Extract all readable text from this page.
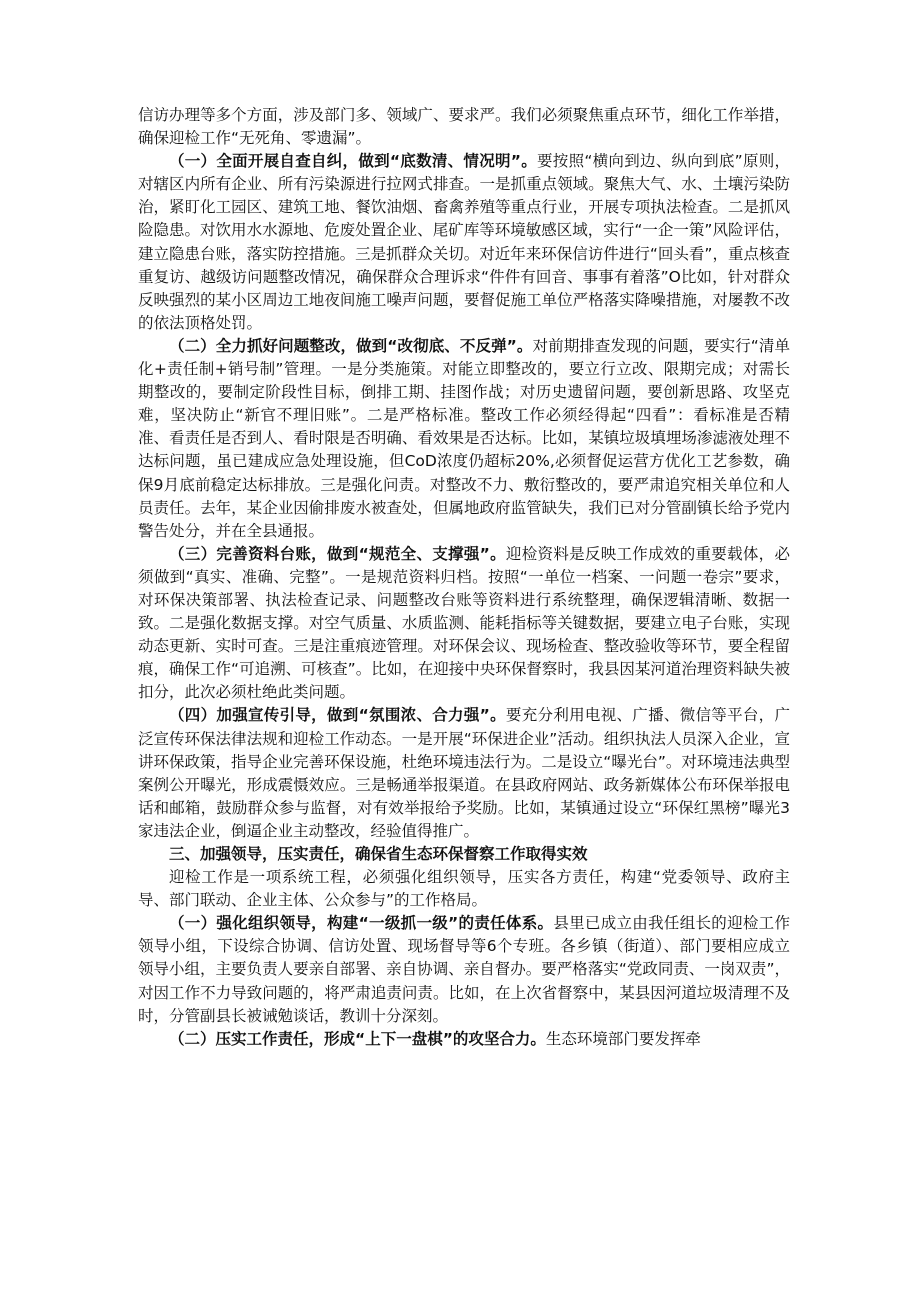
信访办理等多个方面，涉及部门多、领域广、要求严。我们必须聚焦重点环节，细化工作举措，确保迎检工作“无死角、零遗漏”。

（一）全面开展自查自纠，做到“底数清、情况明”。要按照“横向到边、纵向到底”原则，对辖区内所有企业、所有污染源进行拉网式排查。一是抓重点领域。聚焦大气、水、土壤污染防治，紧盯化工园区、建筑工地、餐饮油烟、畜禽养殖等重点行业，开展专项执法检查。二是抓风险隐患。对饮用水水源地、危废处置企业、尾矿库等环境敏感区域，实行“一企一策”风险评估，建立隐患台账，落实防控措施。三是抓群众关切。对近年来环保信访件进行“回头看”，重点核查重复访、越级访问题整改情况，确保群众合理诉求“件件有回音、事事有着落”O比如，针对群众反映强烈的某小区周边工地夜间施工噪声问题，要督促施工单位严格落实降噪措施，对屡教不改的依法顶格处罚。

（二）全力抓好问题整改，做到“改彻底、不反弹”。对前期排查发现的问题，要实行“清单化+责任制+销号制”管理。一是分类施策。对能立即整改的，要立行立改、限期完成；对需长期整改的，要制定阶段性目标，倒排工期、挂图作战；对历史遗留问题，要创新思路、攻坚克难，坚决防止“新官不理旧账”。二是严格标准。整改工作必须经得起“四看”：看标准是否精准、看责任是否到人、看时限是否明确、看效果是否达标。比如，某镇垃圾填埋场渗滤液处理不达标问题，虽已建成应急处理设施，但CoD浓度仍超标20%,必须督促运营方优化工艺参数，确保9月底前稳定达标排放。三是强化问责。对整改不力、敷衍整改的，要严肃追究相关单位和人员责任。去年，某企业因偷排废水被查处，但属地政府监管缺失，我们已对分管副镇长给予党内警告处分，并在全县通报。

（三）完善资料台账，做到“规范全、支撑强”。迎检资料是反映工作成效的重要载体，必须做到“真实、准确、完整”。一是规范资料归档。按照“一单位一档案、一问题一卷宗”要求，对环保决策部署、执法检查记录、问题整改台账等资料进行系统整理，确保逻辑清晰、数据一致。二是强化数据支撑。对空气质量、水质监测、能耗指标等关键数据，要建立电子台账，实现动态更新、实时可查。三是注重痕迹管理。对环保会议、现场检查、整改验收等环节，要全程留痕，确保工作“可追溯、可核查”。比如，在迎接中央环保督察时，我县因某河道治理资料缺失被扣分，此次必须杜绝此类问题。

（四）加强宣传引导，做到“氛围浓、合力强”。要充分利用电视、广播、微信等平台，广泛宣传环保法律法规和迎检工作动态。一是开展“环保进企业”活动。组织执法人员深入企业，宣讲环保政策，指导企业完善环保设施，杜绝环境违法行为。二是设立“曝光台”。对环境违法典型案例公开曝光，形成震慑效应。三是畅通举报渠道。在县政府网站、政务新媒体公布环保举报电话和邮箱，鼓励群众参与监督，对有效举报给予奖励。比如，某镇通过设立“环保红黑榜”曝光3家违法企业，倒逼企业主动整改，经验值得推广。

三、加强领导，压实责任，确保省生态环保督察工作取得实效

迎检工作是一项系统工程，必须强化组织领导，压实各方责任，构建“党委领导、政府主导、部门联动、企业主体、公众参与”的工作格局。

（一）强化组织领导，构建“一级抓一级”的责任体系。县里已成立由我任组长的迎检工作领导小组，下设综合协调、信访处置、现场督导等6个专班。各乡镇（街道）、部门要相应成立领导小组，主要负责人要亲自部署、亲自协调、亲自督办。要严格落实“党政同责、一岗双责”，对因工作不力导致问题的，将严肃追责问责。比如，在上次省督察中，某县因河道垃圾清理不及时，分管副县长被诫勉谈话，教训十分深刻。

（二）压实工作责任，形成“上下一盘棋”的攻坚合力。生态环境部门要发挥牵
